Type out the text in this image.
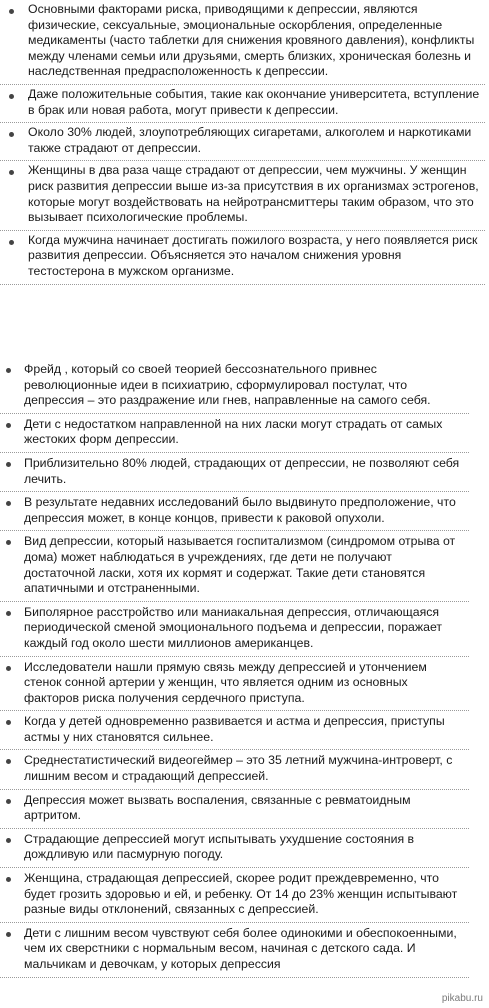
Основными факторами риска, приводящими к депрессии, являются физические, сексуальные, эмоциональные оскорбления, определенные медикаменты (часто таблетки для снижения кровяного давления), конфликты между членами семьи или друзьями, смерть близких, хроническая болезнь и наследственная предрасположенность к депрессии.
Даже положительные события, такие как окончание университета, вступление в брак или новая работа, могут привести к депрессии.
Около 30% людей, злоупотребляющих сигаретами, алкоголем и наркотиками также страдают от депрессии.
Женщины в два раза чаще страдают от депрессии, чем мужчины. У женщин риск развития депрессии выше из-за присутствия в их организмах эстрогенов, которые могут воздействовать на нейротрансмиттеры таким образом, что это вызывает психологические проблемы.
Когда мужчина начинает достигать пожилого возраста, у него появляется риск развития депрессии. Объясняется это началом снижения уровня тестостерона в мужском организме.
Фрейд , который со своей теорией бессознательного привнес революционные идеи в психиатрию, сформулировал постулат, что депрессия – это раздражение или гнев, направленные на самого себя.
Дети с недостатком направленной на них ласки могут страдать от самых жестоких форм депрессии.
Приблизительно 80% людей, страдающих от депрессии, не позволяют себя лечить.
В результате недавних исследований было выдвинуто предположение, что депрессия может, в конце концов, привести к раковой опухоли.
Вид депрессии, который называется госпитализмом (синдромом отрыва от дома) может наблюдаться в учреждениях, где дети не получают достаточной ласки, хотя их кормят и содержат. Такие дети становятся апатичными и отстраненными.
Биполярное расстройство или маниакальная депрессия, отличающаяся периодической сменой эмоционального подъема и депрессии, поражает каждый год около шести миллионов американцев.
Исследователи нашли прямую связь между депрессией и утончением стенок сонной артерии у женщин, что является одним из основных факторов риска получения сердечного приступа.
Когда у детей одновременно развивается и астма и депрессия, приступы астмы у них становятся сильнее.
Среднестатистический видеогеймер – это 35 летний мужчина-интроверт, с лишним весом и страдающий депрессией.
Депрессия может вызвать воспаления, связанные с ревматоидным артритом.
Страдающие депрессией могут испытывать ухудшение состояния в дождливую или пасмурную погоду.
Женщина, страдающая депрессией, скорее родит преждевременно, что будет грозить здоровью и ей, и ребенку. От 14 до 23% женщин испытывают разные виды отклонений, связанных с депрессией.
Дети с лишним весом чувствуют себя более одинокими и обеспокоенными, чем их сверстники с нормальным весом, начиная с детского сада. И мальчикам и девочкам, у которых депрессия
pikabu.ru
